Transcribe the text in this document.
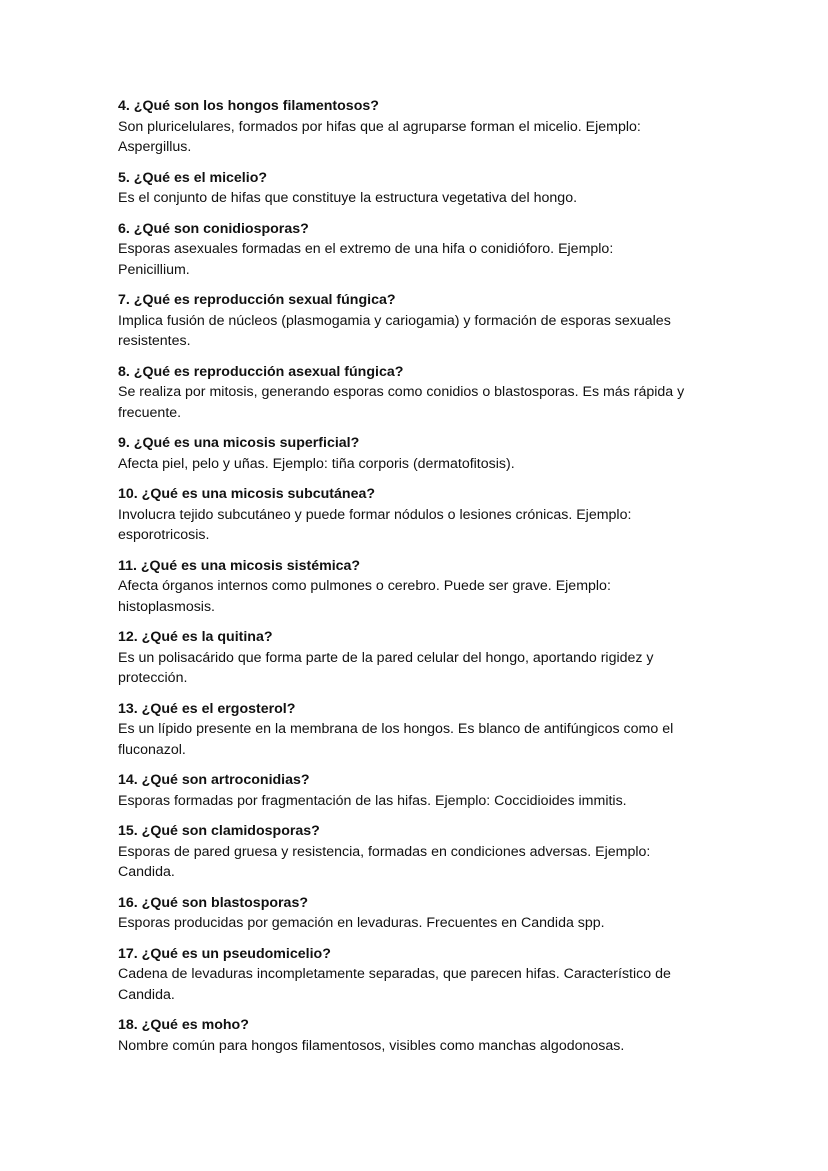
4. ¿Qué son los hongos filamentosos?

Son pluricelulares, formados por hifas que al agruparse forman el micelio. Ejemplo:

Aspergillus.

5. ¿Qué es el micelio?

Es el conjunto de hifas que constituye la estructura vegetativa del hongo.

6. ¿Qué son conidiosporas?

Esporas asexuales formadas en el extremo de una hifa o conidióforo. Ejemplo:

Penicillium.

7. ¿Qué es reproducción sexual fúngica?

Implica fusión de núcleos (plasmogamia y cariogamia) y formación de esporas sexuales

resistentes.

8. ¿Qué es reproducción asexual fúngica?

Se realiza por mitosis, generando esporas como conidios o blastosporas. Es más rápida y

frecuente.

9. ¿Qué es una micosis superficial?

Afecta piel, pelo y uñas. Ejemplo: tiña corporis (dermatofitosis).

10. ¿Qué es una micosis subcutánea?

Involucra tejido subcutáneo y puede formar nódulos o lesiones crónicas. Ejemplo:

esporotricosis.

11. ¿Qué es una micosis sistémica?

Afecta órganos internos como pulmones o cerebro. Puede ser grave. Ejemplo:

histoplasmosis.

12. ¿Qué es la quitina?

Es un polisacárido que forma parte de la pared celular del hongo, aportando rigidez y

protección.

13. ¿Qué es el ergosterol?

Es un lípido presente en la membrana de los hongos. Es blanco de antifúngicos como el

fluconazol.

14. ¿Qué son artroconidias?

Esporas formadas por fragmentación de las hifas. Ejemplo: Coccidioides immitis.

15. ¿Qué son clamidosporas?

Esporas de pared gruesa y resistencia, formadas en condiciones adversas. Ejemplo:

Candida.

16. ¿Qué son blastosporas?

Esporas producidas por gemación en levaduras. Frecuentes en Candida spp.

17. ¿Qué es un pseudomicelio?

Cadena de levaduras incompletamente separadas, que parecen hifas. Característico de

Candida.

18. ¿Qué es moho?

Nombre común para hongos filamentosos, visibles como manchas algodonosas.
